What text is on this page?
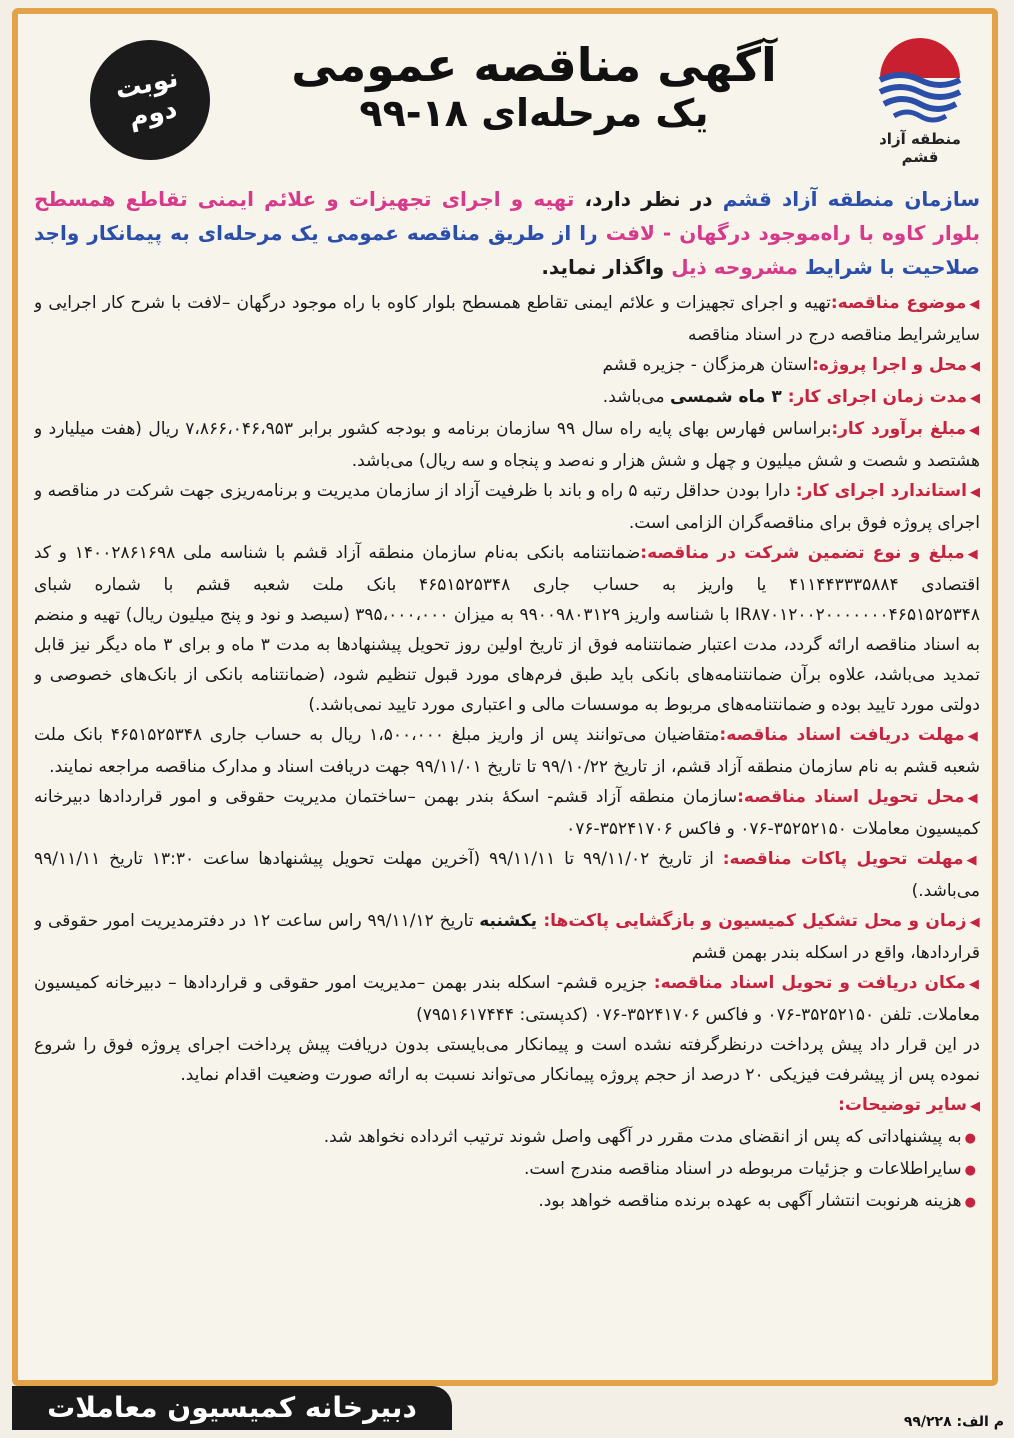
منطقه آزاد قشم
آگهی مناقصه عمومی
یک مرحله‌ای ۱۸-۹۹
نوبت
دوم

سازمان منطقه آزاد قشم در نظر دارد، تهیه و اجرای تجهیزات و علائم ایمنی تقاطع همسطح بلوار کاوه با راه‌موجود درگهان - لافت را از طریق مناقصه عمومی یک مرحله‌ای به پیمانکار واجد صلاحیت با شرایط مشروحه ذیل واگذار نماید.

◀موضوع مناقصه:تهیه و اجرای تجهیزات و علائم ایمنی تقاطع همسطح بلوار کاوه با راه موجود درگهان –لافت با شرح کار اجرایی و سایرشرایط مناقصه درج در اسناد مناقصه

◀محل و اجرا پروژه:استان هرمزگان - جزیره قشم

◀مدت زمان اجرای کار: ۳ ماه شمسی می‌باشد.

◀مبلغ برآورد کار:براساس فهارس بهای پایه راه سال ۹۹ سازمان برنامه و بودجه کشور برابر ۷،۸۶۶،۰۴۶،۹۵۳ ریال (هفت میلیارد و هشتصد و شصت و شش میلیون و چهل و شش هزار و نه‌صد و پنجاه و سه ریال) می‌باشد.

◀استاندارد اجرای کار: دارا بودن حداقل رتبه ۵ راه و باند با ظرفیت آزاد از سازمان مدیریت و برنامه‌ریزی جهت شرکت در مناقصه و اجرای پروژه فوق برای مناقصه‌گران الزامی است.

◀مبلغ و نوع تضمین شرکت در مناقصه:ضمانتنامه بانکی به‌نام سازمان منطقه آزاد قشم با شناسه ملی ۱۴۰۰۲۸۶۱۶۹۸ و کد اقتصادی ۴۱۱۴۴۳۳۳۵۸۸۴ یا واریز به حساب جاری ۴۶۵۱۵۲۵۳۴۸ بانک ملت شعبه قشم با شماره شبای IR۸۷۰۱۲۰۰۲۰۰۰۰۰۰۰۴۶۵۱۵۲۵۳۴۸ با شناسه واریز ۹۹۰۰۹۸۰۳۱۲۹ به میزان ۳۹۵،۰۰۰،۰۰۰ (سیصد و نود و پنج میلیون ریال) تهیه و منضم به اسناد مناقصه ارائه گردد، مدت اعتبار ضمانتنامه فوق از تاریخ اولین روز تحویل پیشنهادها به مدت ۳ ماه و برای ۳ ماه دیگر نیز قابل تمدید می‌باشد، علاوه برآن ضمانتنامه‌های بانکی باید طبق فرم‌های مورد قبول تنظیم شود، (ضمانتنامه بانکی از بانک‌های خصوصی و دولتی مورد تایید بوده و ضمانتنامه‌های مربوط به موسسات مالی و اعتباری مورد تایید نمی‌باشد.)

◀مهلت دریافت اسناد مناقصه:متقاضیان می‌توانند پس از واریز مبلغ ۱،۵۰۰،۰۰۰ ریال به حساب جاری ۴۶۵۱۵۲۵۳۴۸ بانک ملت شعبه قشم به نام سازمان منطقه آزاد قشم، از تاریخ ۹۹/۱۰/۲۲ تا تاریخ ۹۹/۱۱/۰۱ جهت دریافت اسناد و مدارک مناقصه مراجعه نمایند.

◀محل تحویل اسناد مناقصه:سازمان منطقه آزاد قشم- اسکهٔ بندر بهمن –ساختمان مدیریت حقوقی و امور قراردادها دبیرخانه کمیسیون معاملات ۳۵۲۵۲۱۵۰-۰۷۶ و فاکس ۳۵۲۴۱۷۰۶-۰۷۶

◀مهلت تحویل پاکات مناقصه: از تاریخ ۹۹/۱۱/۰۲ تا ۹۹/۱۱/۱۱ (آخرین مهلت تحویل پیشنهادها ساعت ۱۳:۳۰ تاریخ ۹۹/۱۱/۱۱ می‌باشد.)

◀زمان و محل تشکیل کمیسیون و بازگشایی پاکت‌ها: یکشنبه تاریخ ۹۹/۱۱/۱۲ راس ساعت ۱۲ در دفترمدیریت امور حقوقی و قراردادها، واقع در اسکله بندر بهمن قشم

◀مکان دریافت و تحویل اسناد مناقصه: جزیره قشم- اسکله بندر بهمن –مدیریت امور حقوقی و قراردادها – دبیرخانه کمیسیون معاملات. تلفن ۳۵۲۵۲۱۵۰-۰۷۶ و فاکس ۳۵۲۴۱۷۰۶-۰۷۶ (کدپستی: ۷۹۵۱۶۱۷۴۴۴)

در این قرار داد پیش پرداخت درنظرگرفته نشده است و پیمانکار می‌بایستی بدون دریافت پیش پرداخت اجرای پروژه فوق را شروع نموده پس از پیشرفت فیزیکی ۲۰ درصد از حجم پروژه پیمانکار می‌تواند نسبت به ارائه صورت وضعیت اقدام نماید.

◀سایر توضیحات:

●به پیشنهاداتی که پس از انقضای مدت مقرر در آگهی واصل شوند ترتیب اثرداده نخواهد شد.

●سایراطلاعات و جزئیات مربوطه در اسناد مناقصه مندرج است.

●هزینه هرنوبت انتشار آگهی به عهده برنده مناقصه خواهد بود.

دبیرخانه کمیسیون معاملات	م الف: ۹۹/۲۲۸
